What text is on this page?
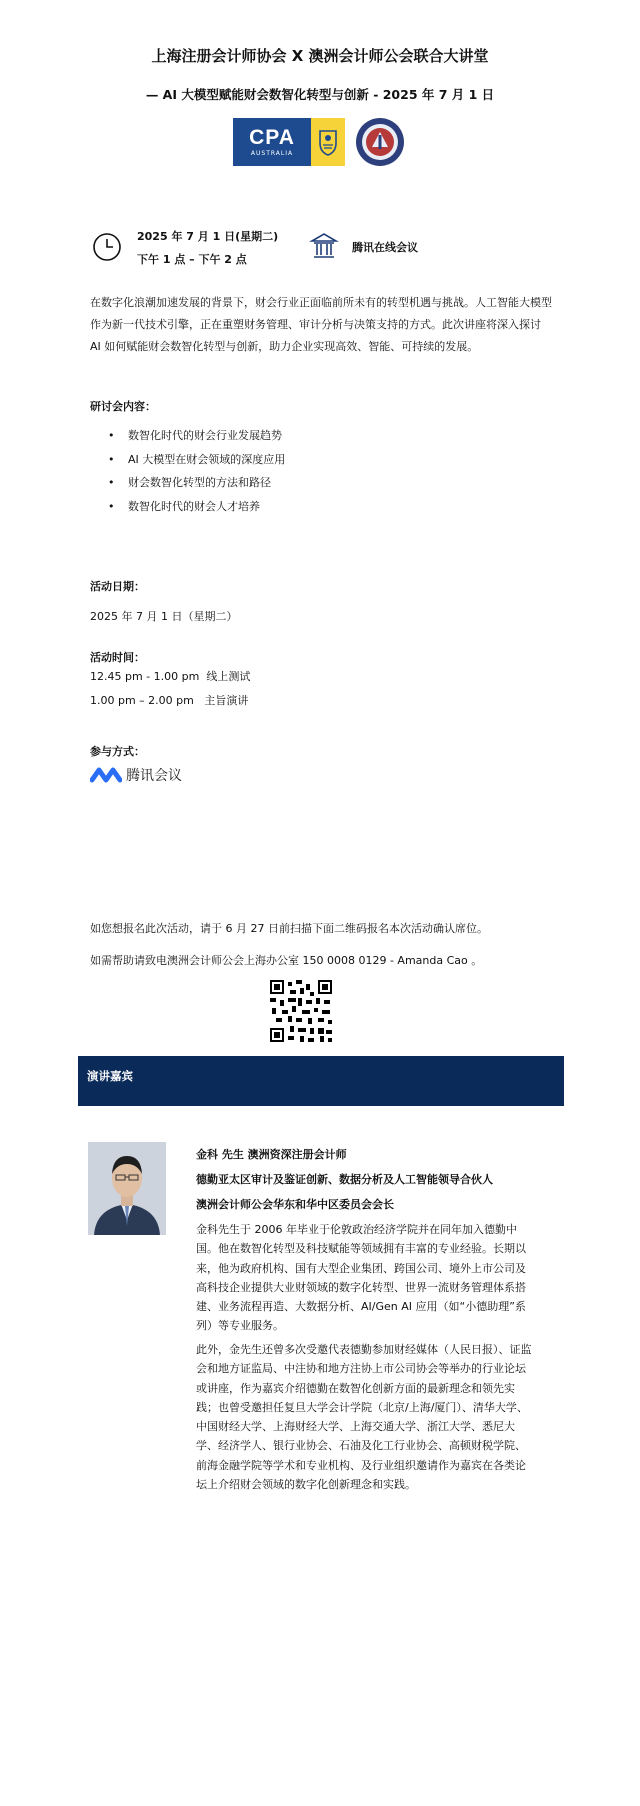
上海注册会计师协会 X 澳洲会计师公会联合大讲堂
— AI 大模型赋能财会数智化转型与创新 - 2025 年 7 月 1 日
CPA
AUSTRALIA
2025 年 7 月 1 日(星期二)
下午 1 点 – 下午 2 点
腾讯在线会议
在数字化浪潮加速发展的背景下，财会行业正面临前所未有的转型机遇与挑战。人工智能大模型作为新一代技术引擎，正在重塑财务管理、审计分析与决策支持的方式。此次讲座将深入探讨 AI 如何赋能财会数智化转型与创新，助力企业实现高效、智能、可持续的发展。
研讨会内容：
• 数智化时代的财会行业发展趋势
• AI 大模型在财会领域的深度应用
• 财会数智化转型的方法和路径
• 数智化时代的财会人才培养
活动日期：
2025 年 7 月 1 日（星期二）
活动时间：
12.45 pm - 1.00 pm  线上测试
1.00 pm – 2.00 pm   主旨演讲
参与方式：
腾讯会议
如您想报名此次活动，请于 6 月 27 日前扫描下面二维码报名本次活动确认席位。
如需帮助请致电澳洲会计师公会上海办公室 150 0008 0129 - Amanda Cao 。
演讲嘉宾
金科 先生 澳洲资深注册会计师
德勤亚太区审计及鉴证创新、数据分析及人工智能领导合伙人
澳洲会计师公会华东和华中区委员会会长
金科先生于 2006 年毕业于伦敦政治经济学院并在同年加入德勤中国。他在数智化转型及科技赋能等领域拥有丰富的专业经验。长期以来，他为政府机构、国有大型企业集团、跨国公司、境外上市公司及高科技企业提供大业财领域的数字化转型、世界一流财务管理体系搭建、业务流程再造、大数据分析、AI/Gen AI 应用（如“小德助理”系列）等专业服务。
此外，金先生还曾多次受邀代表德勤参加财经媒体（人民日报）、证监会和地方证监局、中注协和地方注协上市公司协会等举办的行业论坛或讲座，作为嘉宾介绍德勤在数智化创新方面的最新理念和领先实践；也曾受邀担任复旦大学会计学院（北京/上海/厦门）、清华大学、中国财经大学、上海财经大学、上海交通大学、浙江大学、悉尼大学、经济学人、银行业协会、石油及化工行业协会、高顿财税学院、前海金融学院等学术和专业机构、及行业组织邀请作为嘉宾在各类论坛上介绍财会领域的数字化创新理念和实践。
